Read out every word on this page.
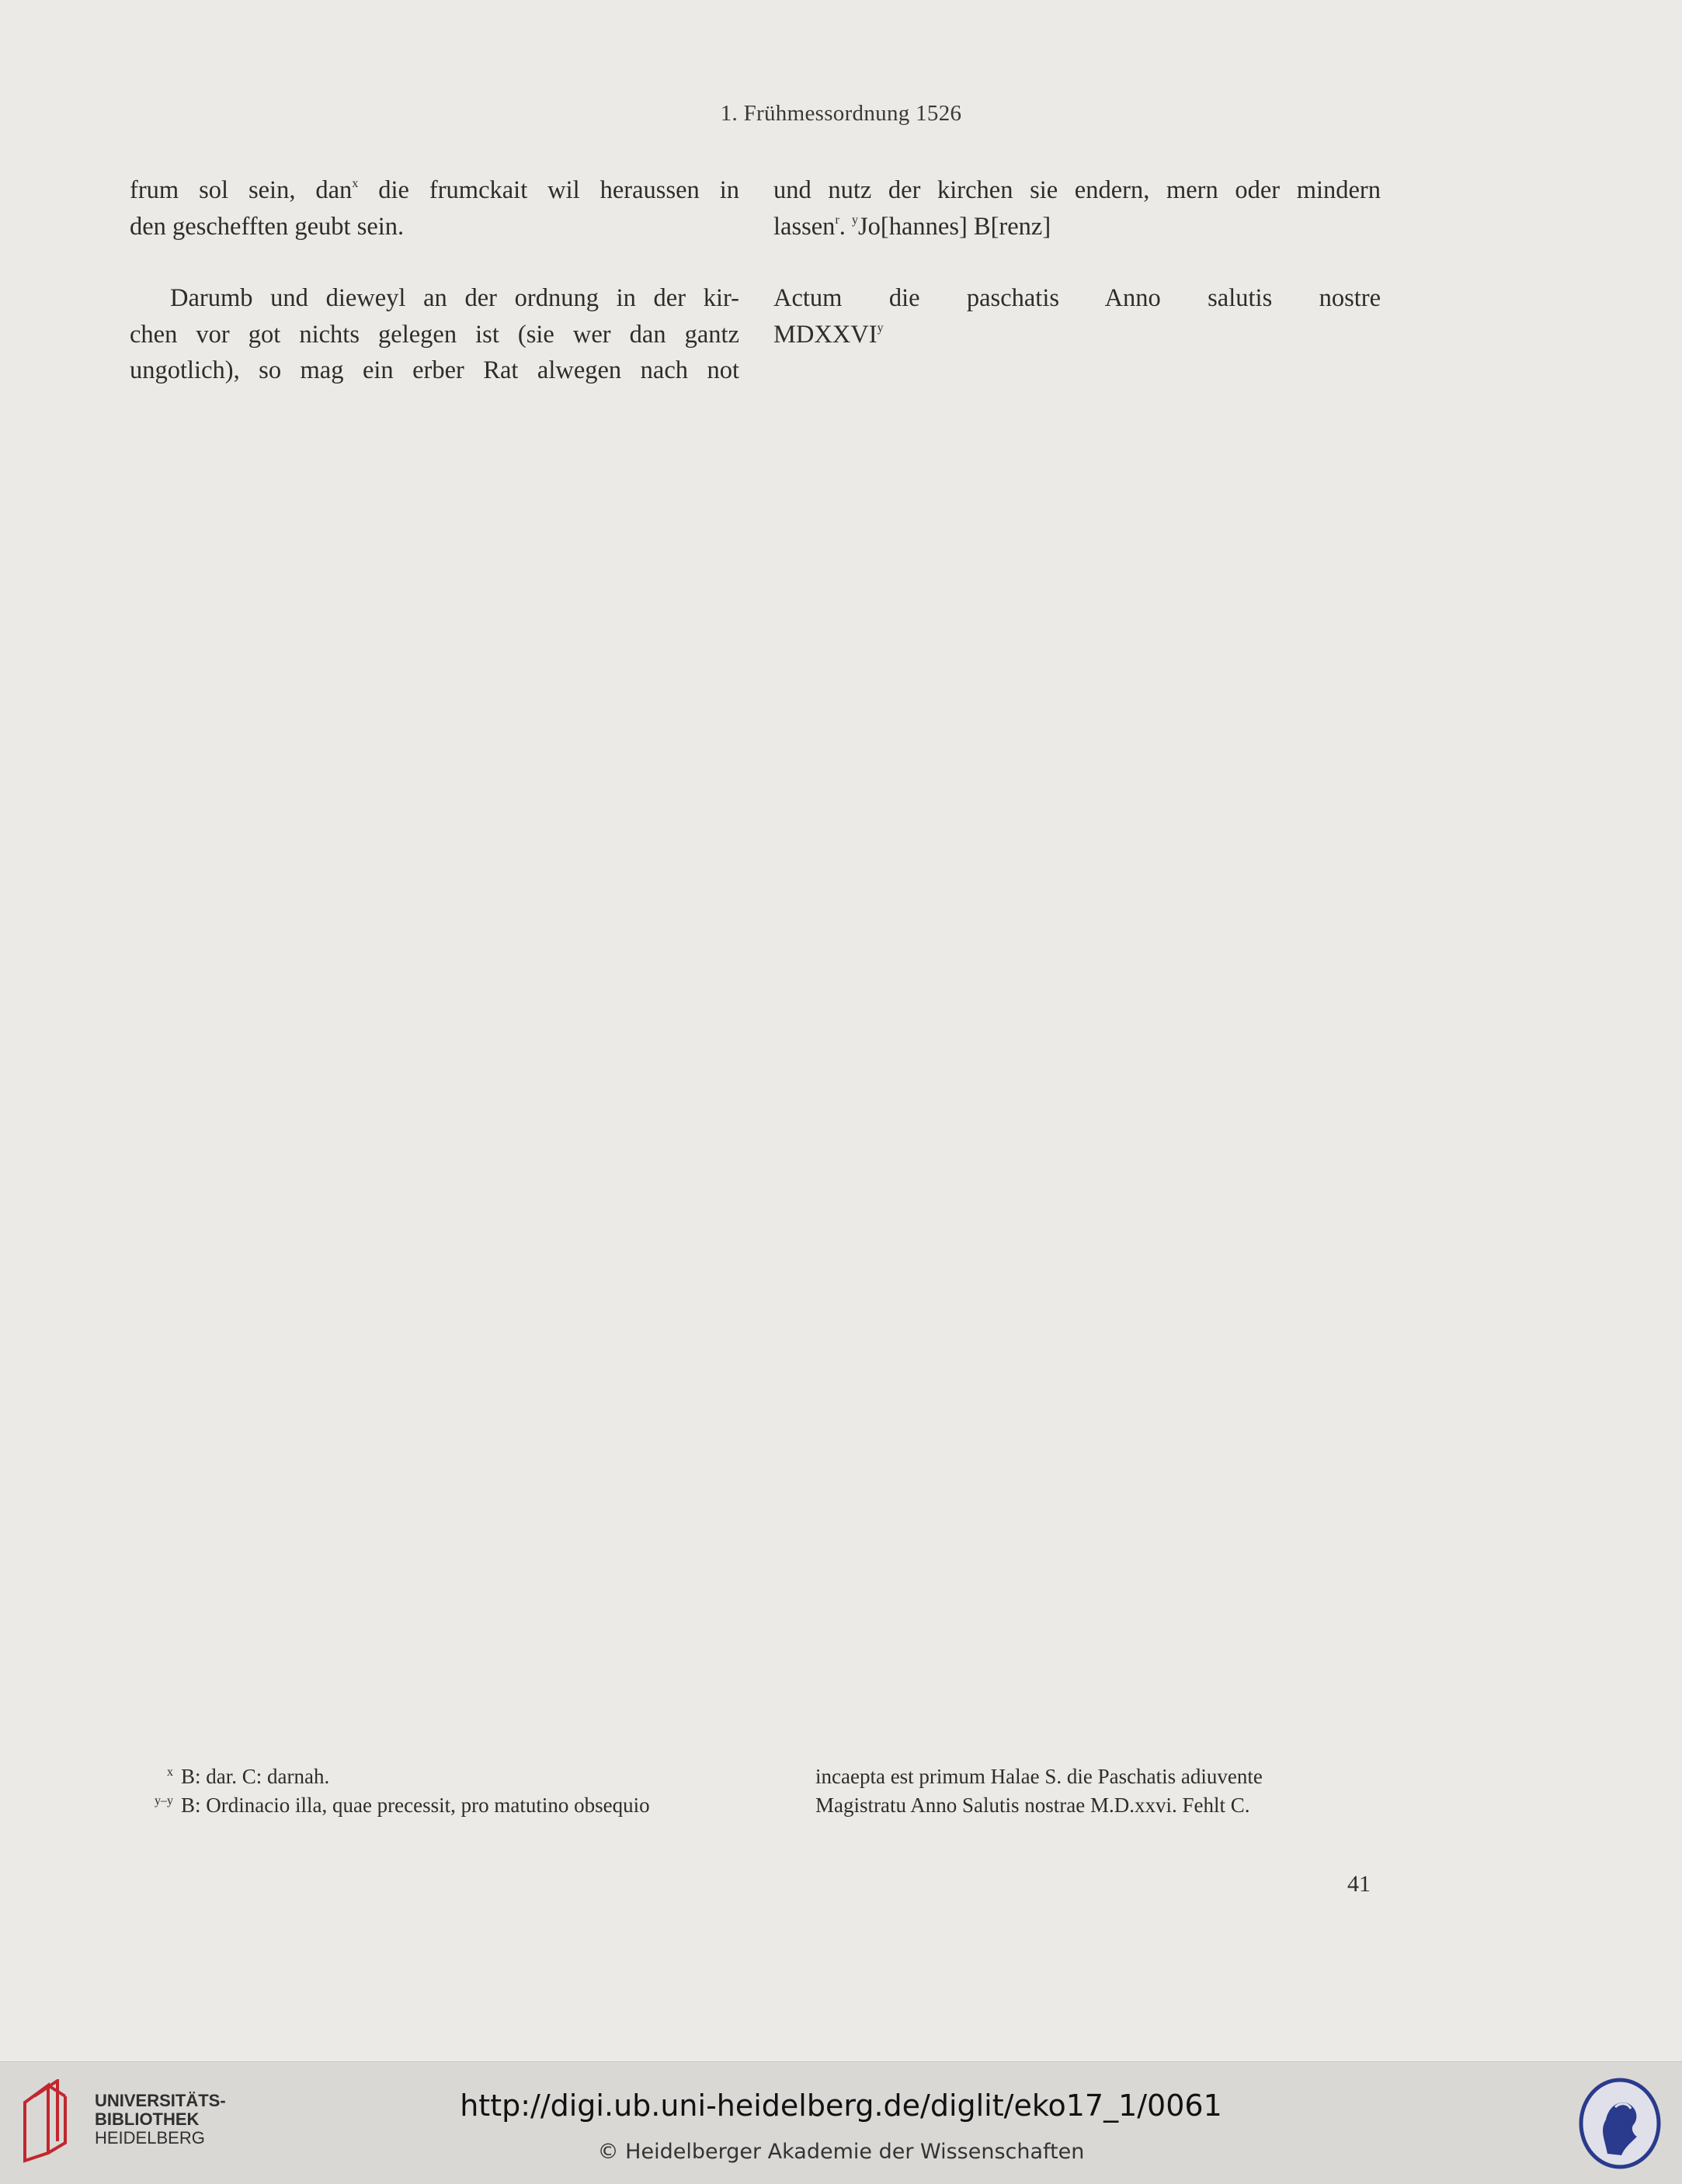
1. Frühmessordnung 1526

frum sol sein, dan$^x$ die frumckait wil heraussen in

den geschefften geubt sein.

Darumb und dieweyl an der ordnung in der kir-

chen vor got nichts gelegen ist (sie wer dan gantz

ungotlich), so mag ein erber Rat alwegen nach not

und nutz der kirchen sie endern, mern oder mindern

lassen$^r$. $^y$Jo[hannes] B[renz]

Actum die paschatis Anno salutis nostre

MDXXVI$^y$

x B: dar. C: darnah.
y–y B: Ordinacio illa, quae precessit, pro matutino obsequio
incaepta est primum Halae S. die Paschatis adiuvente
Magistratu Anno Salutis nostrae M.D.xxvi. Fehlt C.
41
UNIVERSITÄTS-
BIBLIOTHEK
HEIDELBERG
http://digi.ub.uni-heidelberg.de/diglit/eko17_1/0061
© Heidelberger Akademie der Wissenschaften
